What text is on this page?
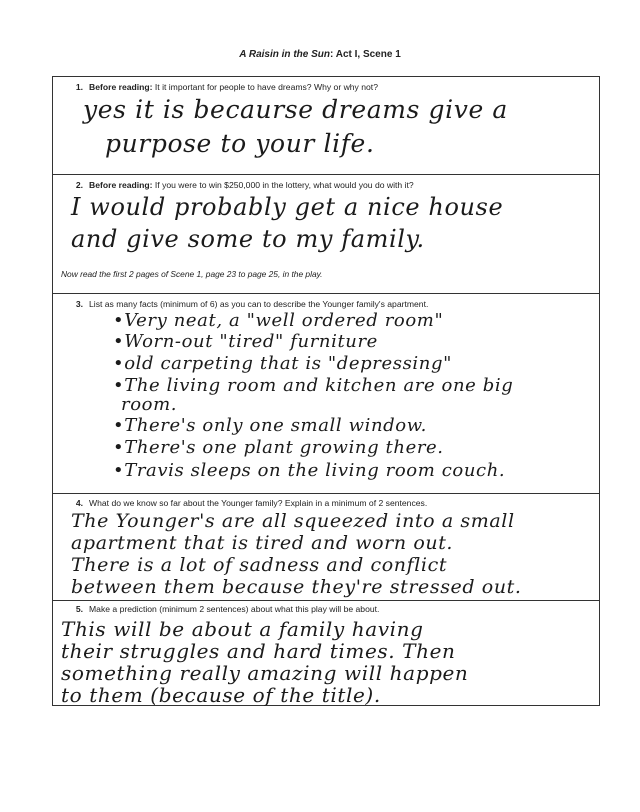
A Raisin in the Sun: Act I, Scene 1
1. Before reading: It it important for people to have dreams? Why or why not?
yes it is becaurse dreams give a
purpose to your life.
2. Before reading: If you were to win $250,000 in the lottery, what would you do with it?
I would probably get a nice house
and give some to my family.
Now read the first 2 pages of Scene 1, page 23 to page 25, in the play.
3. List as many facts (minimum of 6) as you can to describe the Younger family's apartment.
•Very neat, a "well ordered room"
•Worn-out "tired" furniture
•old carpeting that is "depressing"
•The living room and kitchen are one big
room.
•There's only one small window.
•There's one plant growing there.
•Travis sleeps on the living room couch.
4. What do we know so far about the Younger family? Explain in a minimum of 2 sentences.
The Younger's are all squeezed into a small
apartment that is tired and worn out.
There is a lot of sadness and conflict
between them because they're stressed out.
5. Make a prediction (minimum 2 sentences) about what this play will be about.
This will be about a family having
their struggles and hard times. Then
something really amazing will happen
to them (because of the title).
